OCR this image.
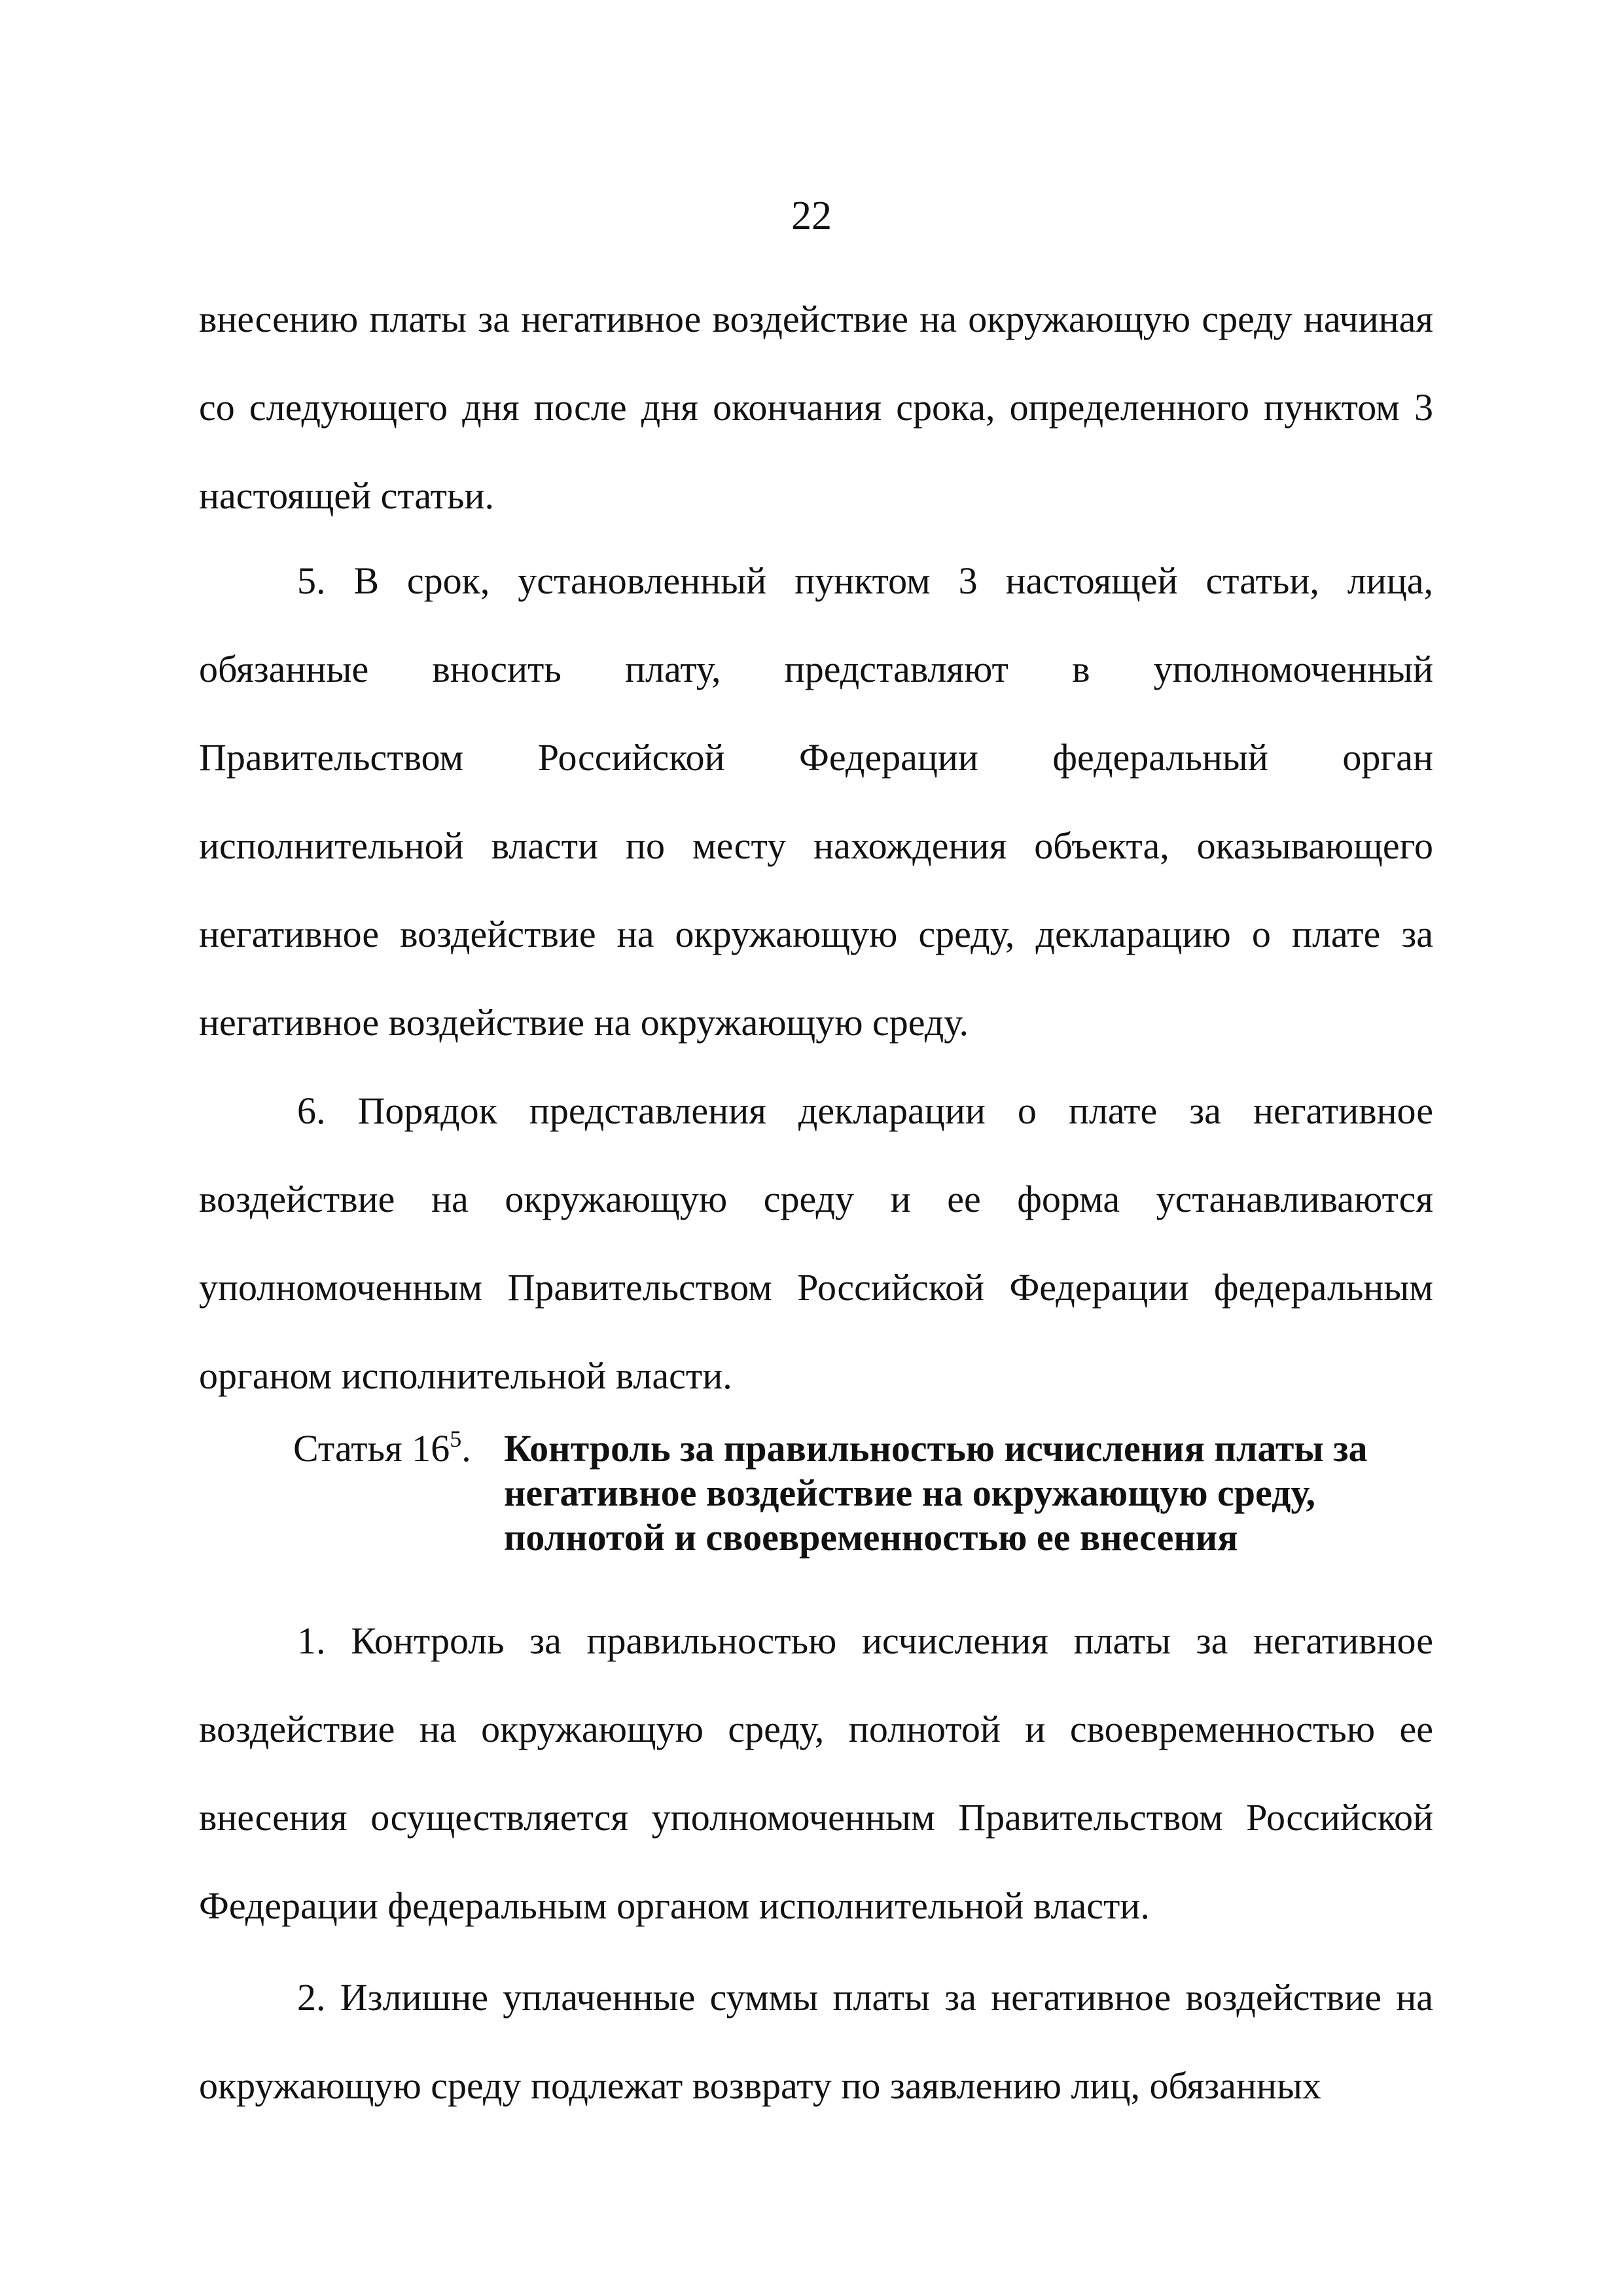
22

внесению платы за негативное воздействие на окружающую среду начиная со следующего дня после дня окончания срока, определенного пунктом 3 настоящей статьи.

5. В срок, установленный пунктом 3 настоящей статьи, лица, обязанные вносить плату, представляют в уполномоченный Правительством Российской Федерации федеральный орган исполнительной власти по месту нахождения объекта, оказывающего негативное воздействие на окружающую среду, декларацию о плате за негативное воздействие на окружающую среду.

6. Порядок представления декларации о плате за негативное воздействие на окружающую среду и ее форма устанавливаются уполномоченным Правительством Российской Федерации федеральным органом исполнительной власти.

Статья $16^5$. Контроль за правильностью исчисления платы за негативное воздействие на окружающую среду, полнотой и своевременностью ее внесения

1. Контроль за правильностью исчисления платы за негативное воздействие на окружающую среду, полнотой и своевременностью ее внесения осуществляется уполномоченным Правительством Российской Федерации федеральным органом исполнительной власти.

2. Излишне уплаченные суммы платы за негативное воздействие на окружающую среду подлежат возврату по заявлению лиц, обязанных
